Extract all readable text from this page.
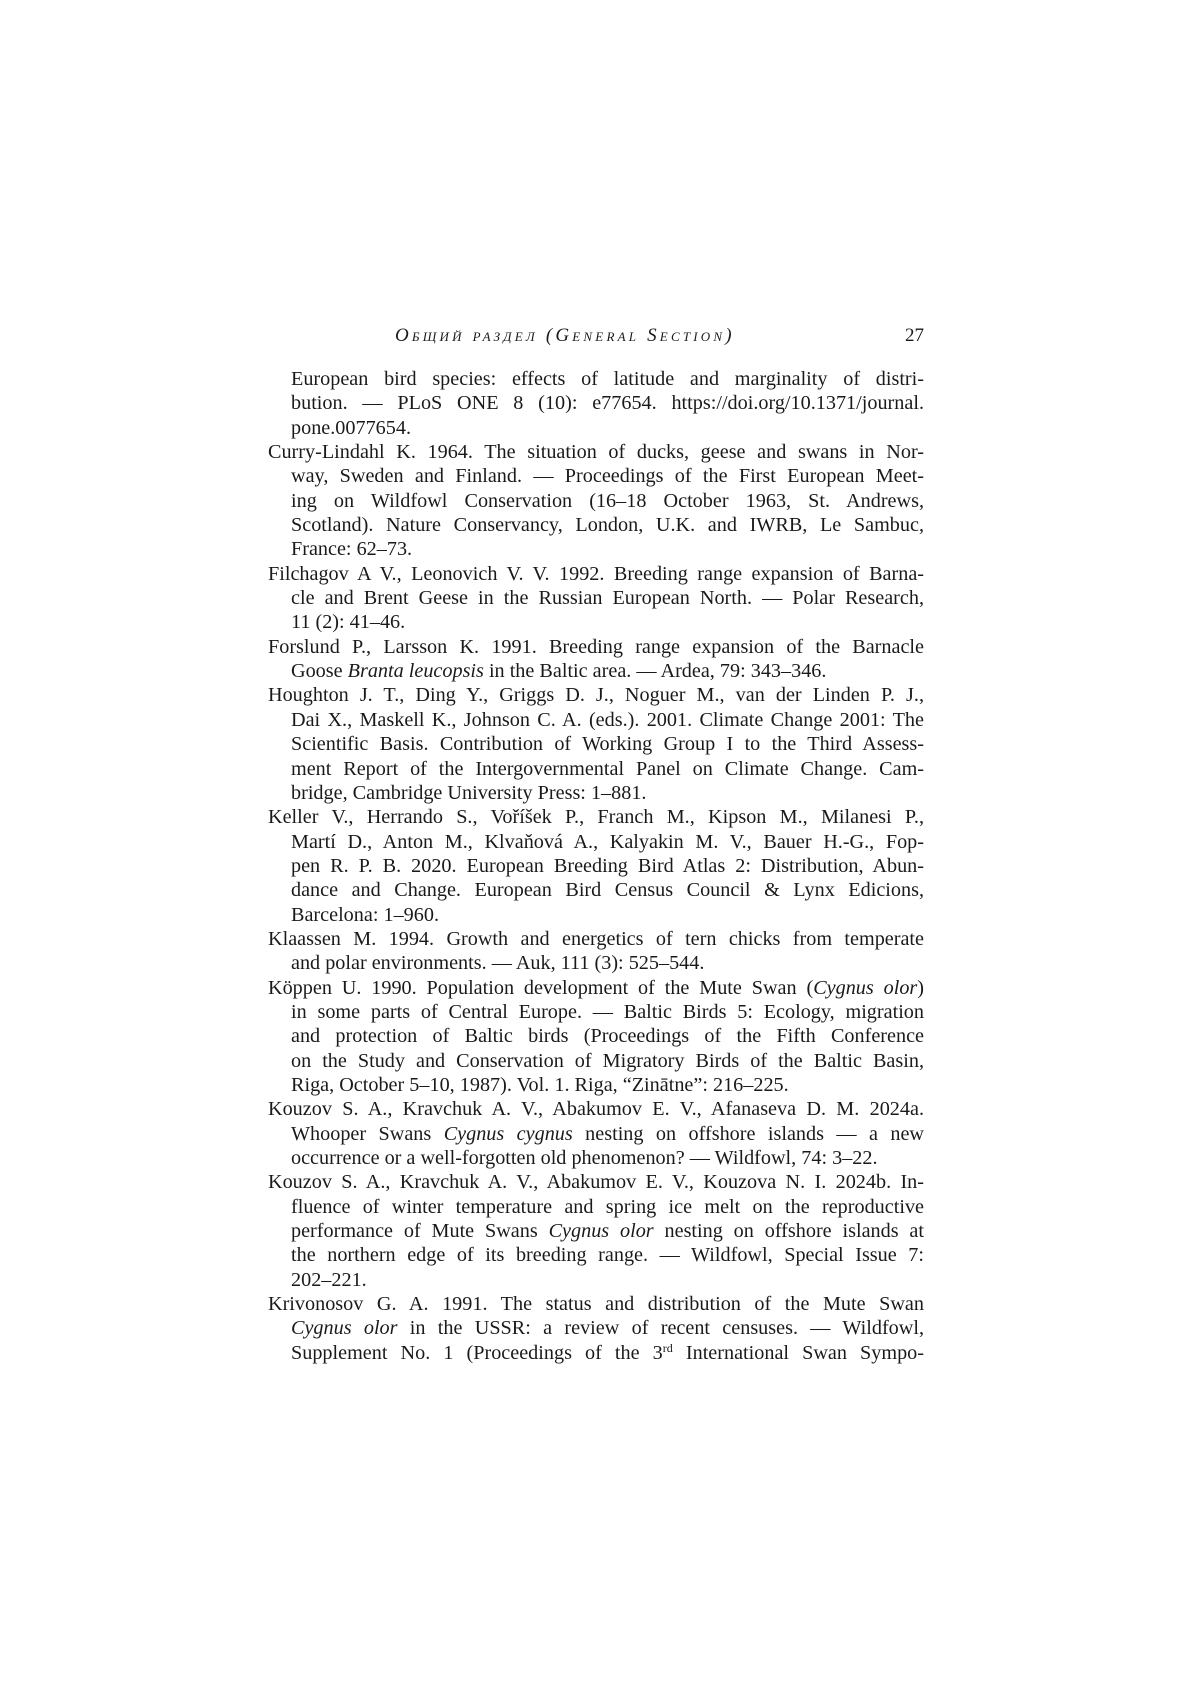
Общий раздел (General Section)	27
European bird species: effects of latitude and marginality of distri-
bution. — PLoS ONE 8 (10): e77654. https://doi.org/10.1371/journal.
pone.0077654.
Curry-Lindahl K. 1964. The situation of ducks, geese and swans in Nor-
way, Sweden and Finland. — Proceedings of the First European Meet-
ing on Wildfowl Conservation (16–18 October 1963, St. Andrews,
Scotland). Nature Conservancy, London, U.K. and IWRB, Le Sambuc,
France: 62–73.
Filchagov A V., Leonovich V. V. 1992. Breeding range expansion of Barna-
cle and Brent Geese in the Russian European North. — Polar Research,
11 (2): 41–46.
Forslund P., Larsson K. 1991. Breeding range expansion of the Barnacle
Goose Branta leucopsis in the Baltic area. — Ardea, 79: 343–346.
Houghton J. T., Ding Y., Griggs D. J., Noguer M., van der Linden P. J.,
Dai X., Maskell K., Johnson C. A. (eds.). 2001. Climate Change 2001: The
Scientific Basis. Contribution of Working Group I to the Third Assess-
ment Report of the Intergovernmental Panel on Climate Change. Cam-
bridge, Cambridge University Press: 1–881.
Keller V., Herrando S., Voříšek P., Franch M., Kipson M., Milanesi P.,
Martí D., Anton M., Klvaňová A., Kalyakin M. V., Bauer H.-G., Fop-
pen R. P. B. 2020. European Breeding Bird Atlas 2: Distribution, Abun-
dance and Change. European Bird Census Council & Lynx Edicions,
Barcelona: 1–960.
Klaassen M. 1994. Growth and energetics of tern chicks from temperate
and polar environments. — Auk, 111 (3): 525–544.
Köppen U. 1990. Population development of the Mute Swan (Cygnus olor)
in some parts of Central Europe. — Baltic Birds 5: Ecology, migration
and protection of Baltic birds (Proceedings of the Fifth Conference
on the Study and Conservation of Migratory Birds of the Baltic Basin,
Riga, October 5–10, 1987). Vol. 1. Riga, “Zinātne”: 216–225.
Kouzov S. A., Kravchuk A. V., Abakumov E. V., Afanaseva D. M. 2024a.
Whooper Swans Cygnus cygnus nesting on offshore islands — a new
occurrence or a well-forgotten old phenomenon? — Wildfowl, 74: 3–22.
Kouzov S. A., Kravchuk A. V., Abakumov E. V., Kouzova N. I. 2024b. In-
fluence of winter temperature and spring ice melt on the reproductive
performance of Mute Swans Cygnus olor nesting on offshore islands at
the northern edge of its breeding range. — Wildfowl, Special Issue 7:
202–221.
Krivonosov G. A. 1991. The status and distribution of the Mute Swan
Cygnus olor in the USSR: a review of recent censuses. — Wildfowl,
Supplement No. 1 (Proceedings of the 3rd International Swan Sympo-
